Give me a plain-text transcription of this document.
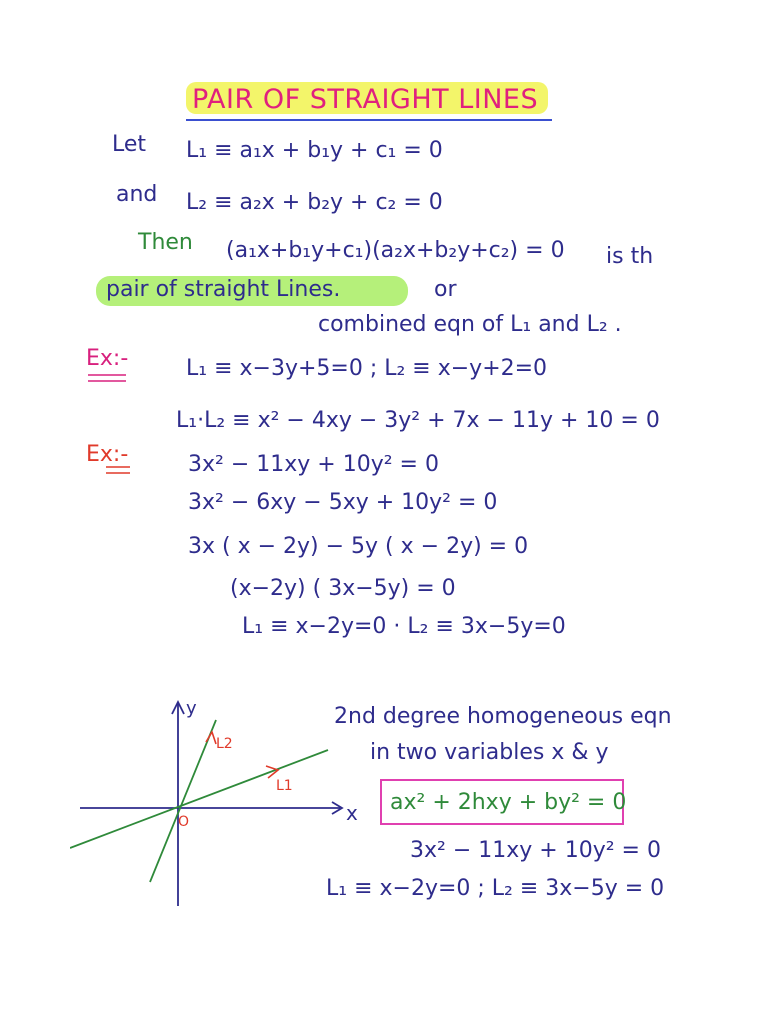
PAIR OF STRAIGHT LINES
Let L₁ ≡ a₁x + b₁y + c₁ = 0
and L₂ ≡ a₂x + b₂y + c₂ = 0
Then (a₁x+b₁y+c₁)(a₂x+b₂y+c₂) = 0 is th
pair of straight Lines.	or
combined eqn of L₁ and L₂ .
Ex:-	L₁ ≡ x−3y+5=0 ; L₂ ≡ x−y+2=0
L₁·L₂ ≡ x² − 4xy − 3y² + 7x − 11y + 10 = 0
Ex:-	3x² − 11xy + 10y² = 0
3x² − 6xy − 5xy + 10y² = 0
3x ( x − 2y) − 5y ( x − 2y) = 0
(x−2y) ( 3x−5y) = 0
L₁ ≡ x−2y=0 · L₂ ≡ 3x−5y=0
y
x
O
L2
L1
2nd degree homogeneous eqn
in two variables x & y
ax² + 2hxy + by² = 0
3x² − 11xy + 10y² = 0
L₁ ≡ x−2y=0 ; L₂ ≡ 3x−5y = 0
